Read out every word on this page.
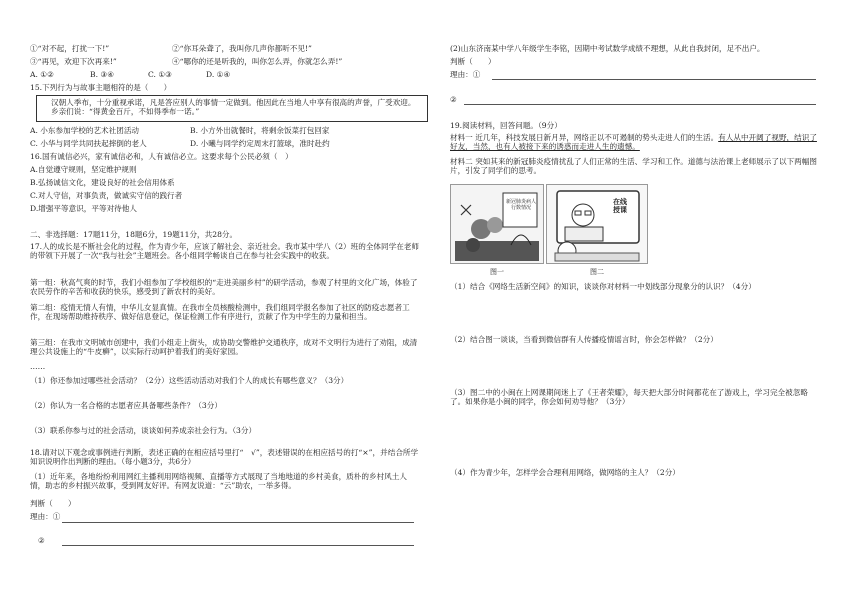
①“对不起，打扰一下!”	②“你耳朵聋了，我叫你几声你都听不见!”
③“再见，欢迎下次再来!”	④“哪你的还是听我的，叫你怎么弄，你就怎么弄!”
A. ①②	B. ③④	C. ①③	D. ①④
15.下列行为与故事主题相符的是（　　）
汉朝人季布，十分重视承诺，凡是答应别人的事情一定做到。他因此在当地人中享有很高的声誉，广受欢迎。乡亲们说：“得黄金百斤，不如得季布一诺。”
A. 小东参加学校的艺术社团活动	B. 小方外出就餐时，将剩余饭菜打包回家
C. 小华与同学共同扶起摔倒的老人	D. 小曦与同学约定周末打篮球，准时赴约
16.国有诚信必兴，家有诚信必和，人有诚信必立。这要求每个公民必须（　）
A.自觉遵守规则，坚定维护规则
B.弘扬诚信文化，建设良好的社会信用体系
C.对人守信，对事负责，做诚实守信的践行者
D.增强平等意识，平等对待他人
二、非选择题：17题11分，18题6分，19题11分，共28分。
17.人的成长是不断社会化的过程，作为青少年，应该了解社会、亲近社会。我市某中学八（2）班的全体同学在老师的带领下开展了一次“我与社会”主题班会。各小组同学畅谈自己在参与社会实践中的收获。
第一组：秋高气爽的时节，我们小组参加了学校组织的“走进美丽乡村”的研学活动，参观了村里的文化广场，体验了农民劳作的辛苦和收获的快乐，感受到了新农村的美好。
第二组：疫情无情人有情，中华儿女显真情。在我市全员核酸检测中，我们组同学报名参加了社区的防疫志愿者工作，在现场帮助维持秩序、做好信息登记，保证检测工作有序进行，贡献了作为中学生的力量和担当。
第三组：在我市文明城市创建中，我们小组走上街头，成协助交警维护交通秩序，成对不文明行为进行了劝阻，成清理公共设施上的“牛皮癣”，以实际行动呵护着我们的美好家园。
……
（1）你还参加过哪些社会活动？（2分）这些活动活动对我们个人的成长有哪些意义？（3分）
（2）你认为一名合格的志愿者应具备哪些条件？（3分）
（3）联系你参与过的社会活动，谈谈如何养成亲社会行为。（3分）
18.请对以下观念或事例进行判断，表述正确的在相应括号里打“　√”，表述错误的在相应括号的打“×”，并结合所学知识说明作出判断的理由。（每小题3分，共6分）
（1）近年来，各地纷纷利用网红主播利用网络视频、直播等方式展现了当地地道的乡村美食，质朴的乡村风土人情，助志的乡村振兴故事，受到网友好评。有网友说道：“云”助农，一举多得。
判断（　　）
理由：①
②
(2)山东济南某中学八年级学生李铭，因期中考试数学成绩不理想，从此自我封闭，足不出户。
判断（　　）
理由：①
②
19.阅读材料，回答问题。（9分）
材料一 近几年，科技发展日新月异，网络正以不可遏制的势头走进人们的生活。有人从中开阔了视野，结识了好友，当然，也有人被接下来的诱惑而走进人生的遗憾。
材料二 突如其来的新冠肺炎疫情扰乱了人们正常的生活、学习和工作。道德与法治课上老师展示了以下两幅图片，引发了同学们的思考。
新冠肺炎病人行数情况
图一
在线授课
图二
（1）结合《网络生活新空间》的知识，谈谈你对材料一中划线部分现象分的认识？（4分）
（2）结合图一谈谈，当看到微信群有人传播疫情谣言时，你会怎样做？（2分）
（3）图二中的小闽在上网课期间迷上了《王者荣耀》，每天把大部分时间都花在了游戏上，学习完全被忽略了。如果你是小闽的同学，你会如何劝导他？（3分）
（4）作为青少年，怎样学会合理利用网络，做网络的主人？（2分）
